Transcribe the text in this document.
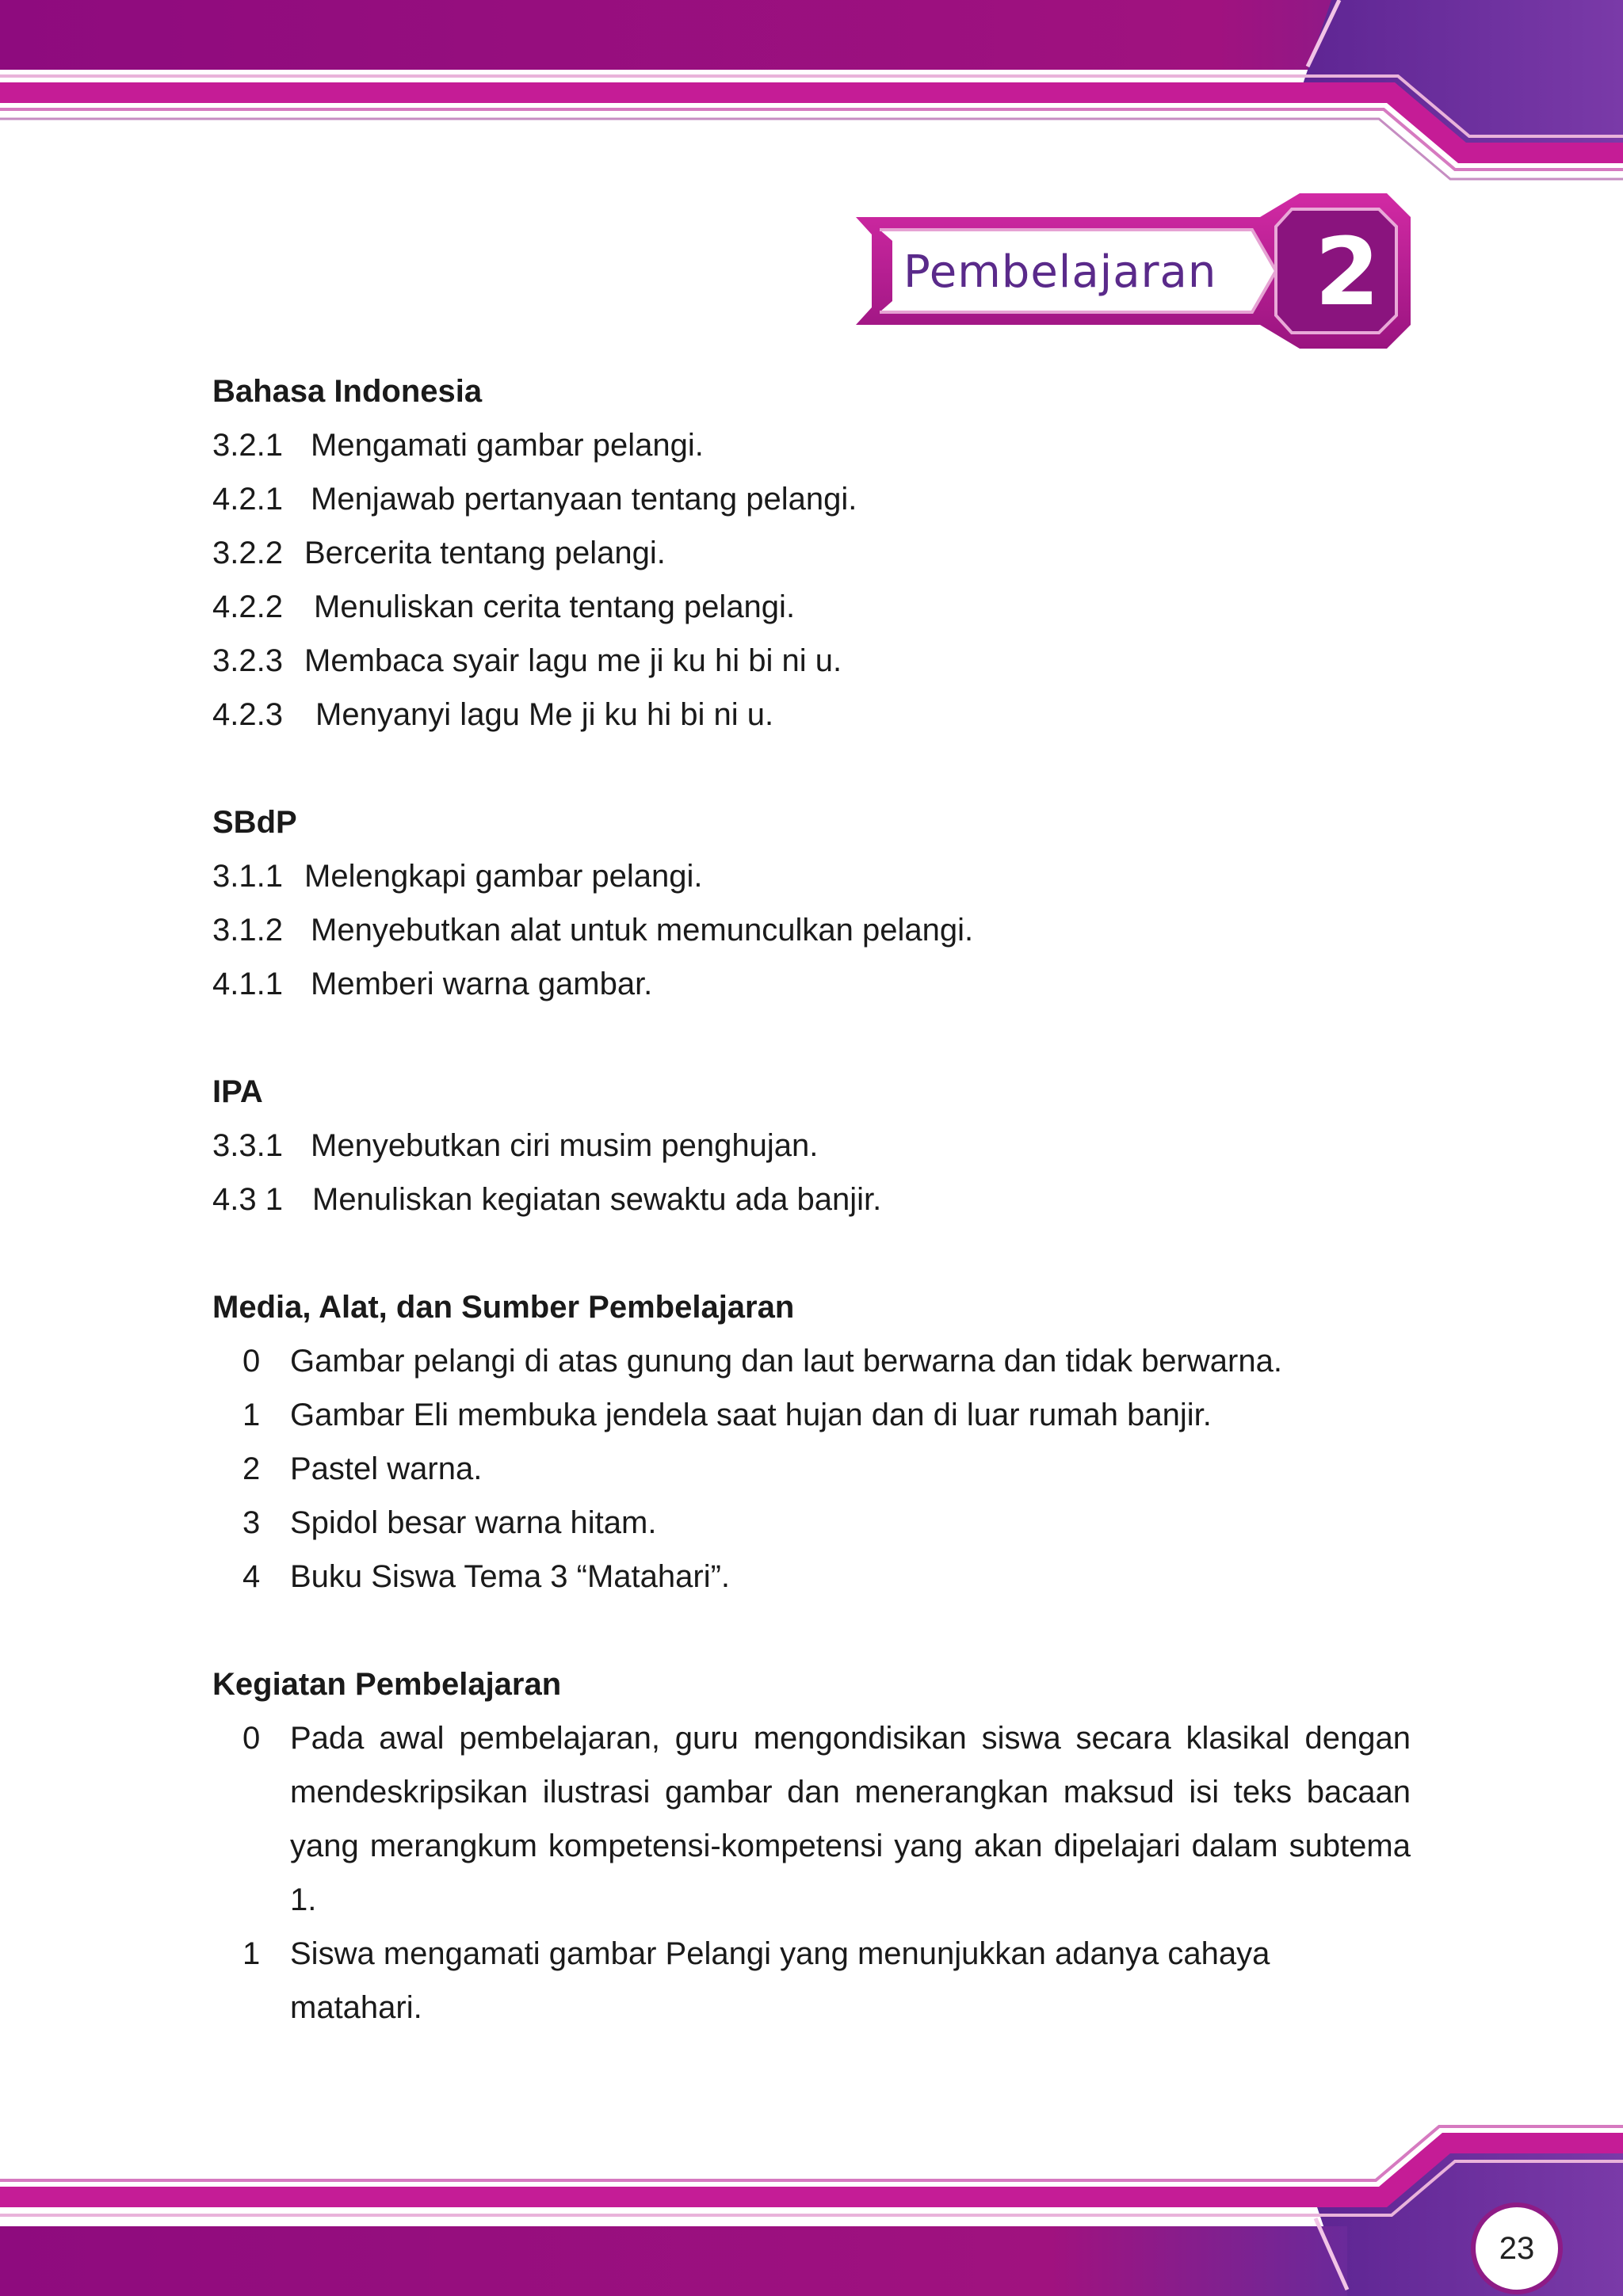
Pembelajaran	2
Bahasa Indonesia
3.2.1 Mengamati gambar pelangi.
4.2.1 Menjawab pertanyaan tentang pelangi.
3.2.2 Bercerita tentang pelangi.
4.2.2 Menuliskan cerita tentang pelangi.
3.2.3 Membaca syair lagu me ji ku hi bi ni u.
4.2.3 Menyanyi lagu Me ji ku hi bi ni u.
SBdP
3.1.1 Melengkapi gambar pelangi.
3.1.2 Menyebutkan alat untuk memunculkan pelangi.
4.1.1 Memberi warna gambar.
IPA
3.3.1 Menyebutkan ciri musim penghujan.
4.3 1 Menuliskan kegiatan sewaktu ada banjir.
Media, Alat, dan Sumber Pembelajaran
0 Gambar pelangi di atas gunung dan laut berwarna dan tidak berwarna.
1 Gambar Eli membuka jendela saat hujan dan di luar rumah banjir.
2 Pastel warna.
3 Spidol besar warna hitam.
4 Buku Siswa Tema 3 “Matahari”.
Kegiatan Pembelajaran
0 Pada awal pembelajaran, guru mengondisikan siswa secara klasikal dengan mendeskripsikan ilustrasi gambar dan menerangkan maksud isi teks bacaan yang merangkum kompetensi-kompetensi yang akan dipelajari dalam subtema 1.
1 Siswa mengamati gambar Pelangi yang menunjukkan adanya cahaya matahari.
23
